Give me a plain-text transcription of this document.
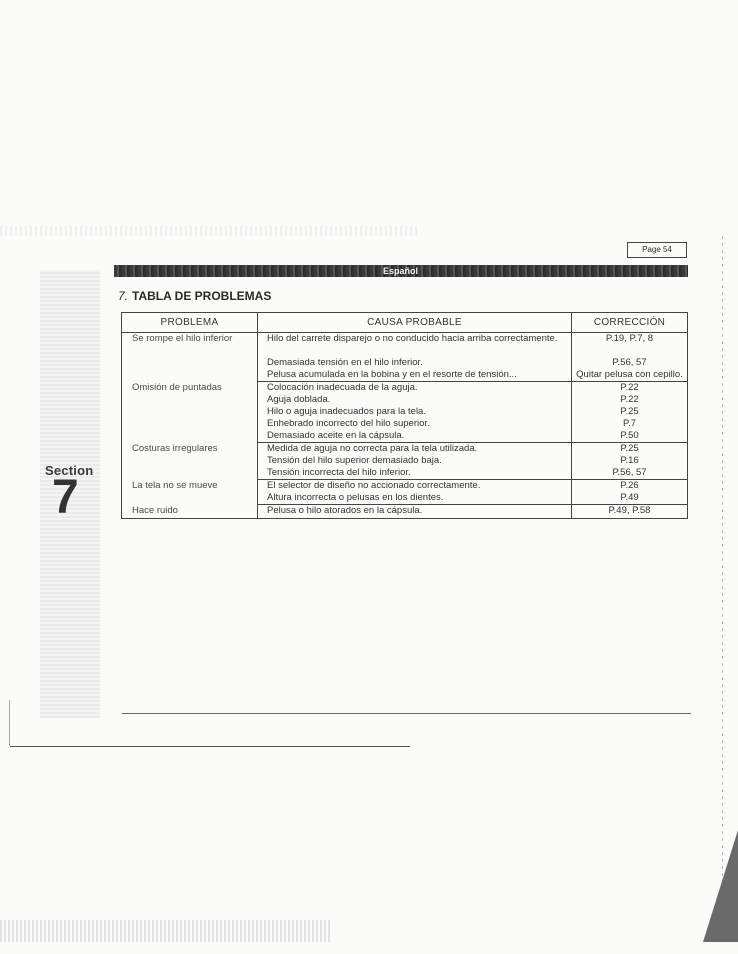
Section
7
Page 54
Español
7. TABLA DE PROBLEMAS
PROBLEMA	CAUSA PROBABLE	CORRECCIÓN
Se rompe el hilo inferior	Hilo del carrete disparejo o no conducido hacia arriba correctamente.	P.19, P.7, 8
	Demasiada tensión en el hilo inferior.	P.56, 57
	Pelusa acumulada en la bobina y en el resorte de tensión...	Quitar pelusa con cepillo.
Omisión de puntadas	Colocación inadecuada de la aguja.	P.22
	Aguja doblada.	P.22
	Hilo o aguja inadecuados para la tela.	P.25
	Enhebrado incorrecto del hilo superior.	P.7
	Demasiado aceite en la cápsula.	P.50
Costuras irregulares	Medida de aguja no correcta para la tela utilizada.	P.25
	Tensión del hilo superior demasiado baja.	P.16
	Tensión incorrecta del hilo inferior.	P.56, 57
La tela no se mueve	El selector de diseño no accionado correctamente.	P.26
	Altura incorrecta o pelusas en los dientes.	P.49
Hace ruido	Pelusa o hilo atorados en la cápsula.	P.49, P.58
